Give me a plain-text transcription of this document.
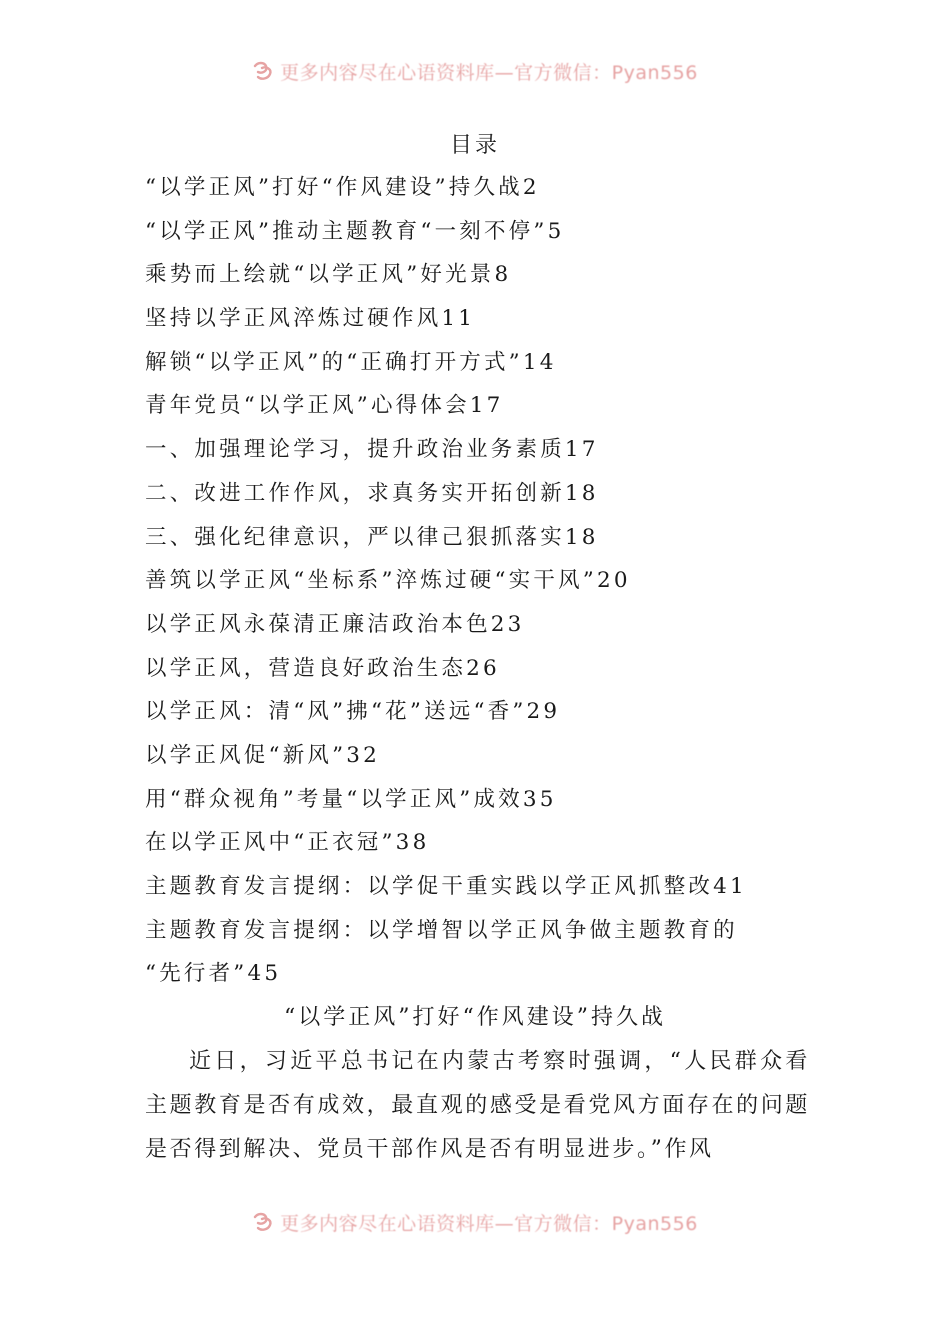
更多内容尽在心语资料库—官方微信：Pyan556
目录
“以学正风”打好“作风建设”持久战2
“以学正风”推动主题教育“一刻不停”5
乘势而上绘就“以学正风”好光景8
坚持以学正风淬炼过硬作风11
解锁“以学正风”的“正确打开方式”14
青年党员“以学正风”心得体会17
一、加强理论学习，提升政治业务素质17
二、改进工作作风，求真务实开拓创新18
三、强化纪律意识，严以律己狠抓落实18
善筑以学正风“坐标系”淬炼过硬“实干风”20
以学正风永葆清正廉洁政治本色23
以学正风，营造良好政治生态26
以学正风：清“风”拂“花”送远“香”29
以学正风促“新风”32
用“群众视角”考量“以学正风”成效35
在以学正风中“正衣冠”38
主题教育发言提纲：以学促干重实践以学正风抓整改41
主题教育发言提纲：以学增智以学正风争做主题教育的
“先行者”45
“以学正风”打好“作风建设”持久战

近日，习近平总书记在内蒙古考察时强调，“人民群众看主题教育是否有成效，最直观的感受是看党风方面存在的问题是否得到解决、党员干部作风是否有明显进步。”作风

更多内容尽在心语资料库—官方微信：Pyan556
